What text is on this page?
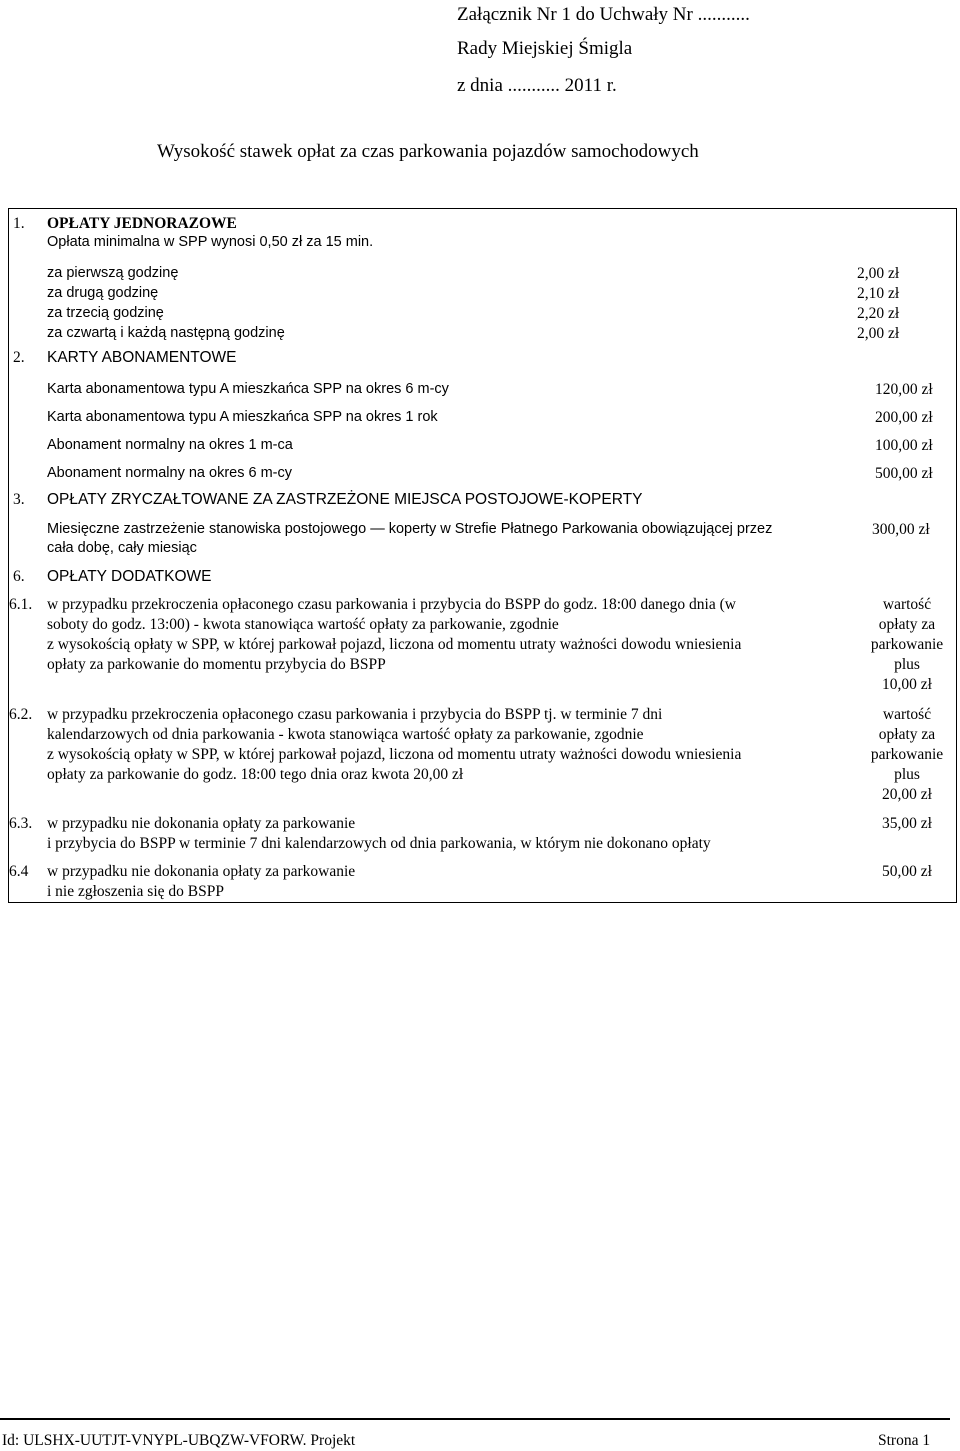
Załącznik Nr 1 do Uchwały Nr ...........
Rady Miejskiej Śmigla
z dnia ........... 2011 r.
Wysokość stawek opłat za czas parkowania pojazdów samochodowych
1. OPŁATY JEDNORAZOWE
Opłata minimalna w SPP wynosi 0,50 zł za 15 min.
za pierwszą godzinę
za drugą godzinę
za trzecią godzinę
za czwartą i każdą następną godzinę
2,00 zł
2,10 zł
2,20 zł
2,00 zł
2. KARTY ABONAMENTOWE
Karta abonamentowa typu A mieszkańca SPP na okres 6 m-cy
Karta abonamentowa typu A mieszkańca SPP na okres 1 rok
Abonament normalny na okres 1 m-ca
Abonament normalny na okres 6 m-cy
120,00 zł
200,00 zł
100,00 zł
500,00 zł
3. OPŁATY ZRYCZAŁTOWANE ZA ZASTRZEŻONE MIEJSCA POSTOJOWE-KOPERTY
Miesięczne zastrzeżenie stanowiska postojowego — koperty w Strefie Płatnego Parkowania obowiązującej przez
cała dobę, cały miesiąc
300,00 zł
6. OPŁATY DODATKOWE
6.1. w przypadku przekroczenia opłaconego czasu parkowania i przybycia do BSPP do godz. 18:00 danego dnia (w
soboty do godz. 13:00) - kwota stanowiąca wartość opłaty za parkowanie, zgodnie
z wysokością opłaty w SPP, w której parkował pojazd, liczona od momentu utraty ważności dowodu wniesienia
opłaty za parkowanie do momentu przybycia do BSPP
wartość
opłaty za
parkowanie
plus
10,00 zł
6.2. w przypadku przekroczenia opłaconego czasu parkowania i przybycia do BSPP tj. w terminie 7 dni
kalendarzowych od dnia parkowania - kwota stanowiąca wartość opłaty za parkowanie, zgodnie
z wysokością opłaty w SPP, w której parkował pojazd, liczona od momentu utraty ważności dowodu wniesienia
opłaty za parkowanie do godz. 18:00 tego dnia oraz kwota 20,00 zł
wartość
opłaty za
parkowanie
plus
20,00 zł
6.3. w przypadku nie dokonania opłaty za parkowanie
i przybycia do BSPP w terminie 7 dni kalendarzowych od dnia parkowania, w którym nie dokonano opłaty
35,00 zł
6.4 w przypadku nie dokonania opłaty za parkowanie
i nie zgłoszenia się do BSPP
50,00 zł
Id: ULSHX-UUTJT-VNYPL-UBQZW-VFORW. Projekt	Strona 1
